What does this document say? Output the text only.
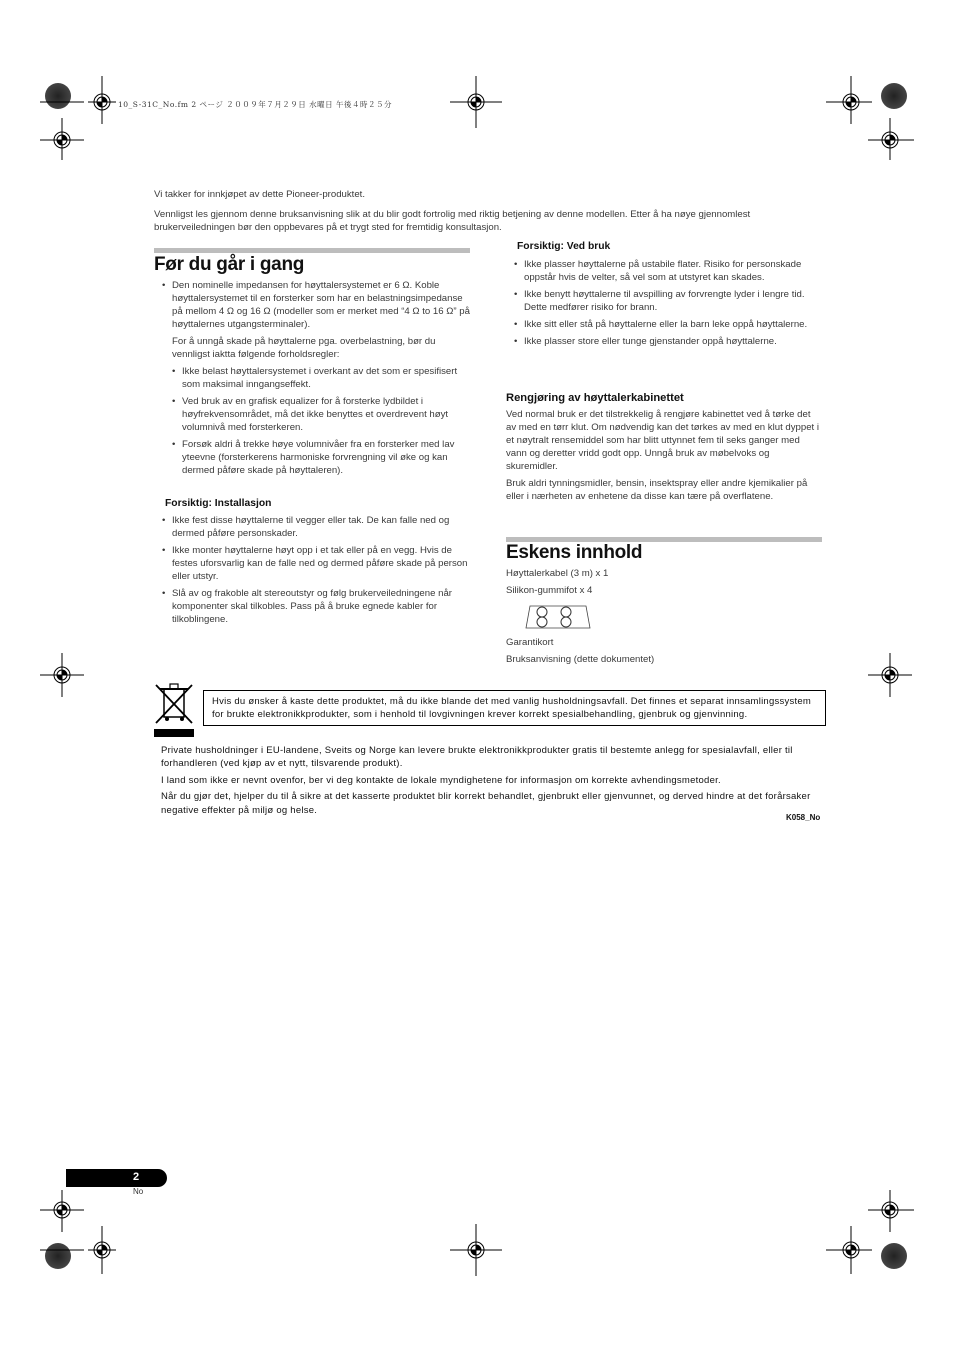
10_S-31C_No.fm 2 ページ ２００９年７月２９日 水曜日 午後４時２５分

Vi takker for innkjøpet av dette Pioneer-produktet.

Vennligst les gjennom denne bruksanvisning slik at du blir godt fortrolig med riktig betjening av denne modellen. Etter å ha nøye gjennomlest brukerveiledningen bør den oppbevares på et trygt sted for fremtidig konsultasjon.

Før du går i gang
• Den nominelle impedansen for høyttalersystemet er 6 Ω. Koble høyttalersystemet til en forsterker som har en belastningsimpedanse på mellom 4 Ω og 16 Ω (modeller som er merket med “4 Ω to 16 Ω” på høyttalernes utgangsterminaler).

For å unngå skade på høyttalerne pga. overbelastning, bør du vennligst iaktta følgende forholdsregler:

• Ikke belast høyttalersystemet i overkant av det som er spesifisert som maksimal inngangseffekt.
• Ved bruk av en grafisk equalizer for å forsterke lydbildet i høyfrekvensområdet, må det ikke benyttes et overdrevent høyt volumnivå med forsterkeren.
• Forsøk aldri å trekke høye volumnivåer fra en forsterker med lav yteevne (forsterkerens harmoniske forvrengning vil øke og kan dermed påføre skade på høyttaleren).
Forsiktig: Installasjon
• Ikke fest disse høyttalerne til vegger eller tak. De kan falle ned og dermed påføre personskader.
• Ikke monter høyttalerne høyt opp i et tak eller på en vegg. Hvis de festes uforsvarlig kan de falle ned og dermed påføre skade på person eller utstyr.
• Slå av og frakoble alt stereoutstyr og følg brukerveiledningene når komponenter skal tilkobles. Pass på å bruke egnede kabler for tilkoblingene.
Forsiktig: Ved bruk
• Ikke plasser høyttalerne på ustabile flater. Risiko for personskade oppstår hvis de velter, så vel som at utstyret kan skades.
• Ikke benytt høyttalerne til avspilling av forvrengte lyder i lengre tid. Dette medfører risiko for brann.
• Ikke sitt eller stå på høyttalerne eller la barn leke oppå høyttalerne.
• Ikke plasser store eller tunge gjenstander oppå høyttalerne.
Rengjøring av høyttalerkabinettet

Ved normal bruk er det tilstrekkelig å rengjøre kabinettet ved å tørke det av med en tørr klut. Om nødvendig kan det tørkes av med en klut dyppet i et nøytralt rensemiddel som har blitt uttynnet fem til seks ganger med vann og deretter vridd godt opp. Unngå bruk av møbelvoks og skuremidler.

Bruk aldri tynningsmidler, bensin, insektspray eller andre kjemikalier på eller i nærheten av enhetene da disse kan tære på overflatene.

Eskens innhold
Høyttalerkabel (3 m) x 1
Silikon-gummifot x 4
Garantikort
Bruksanvisning (dette dokumentet)
Hvis du ønsker å kaste dette produktet, må du ikke blande det med vanlig husholdningsavfall. Det finnes et separat innsamlingssystem for brukte elektronikkprodukter, som i henhold til lovgivningen krever korrekt spesialbehandling, gjenbruk og gjenvinning.

Private husholdninger i EU-landene, Sveits og Norge kan levere brukte elektronikkprodukter gratis til bestemte anlegg for spesialavfall, eller til forhandleren (ved kjøp av et nytt, tilsvarende produkt).

I land som ikke er nevnt ovenfor, ber vi deg kontakte de lokale myndighetene for informasjon om korrekte avhendingsmetoder.

Når du gjør det, hjelper du til å sikre at det kasserte produktet blir korrekt behandlet, gjenbrukt eller gjenvunnet, og derved hindre at det forårsaker negative effekter på miljø og helse.

K058_No
2
No
